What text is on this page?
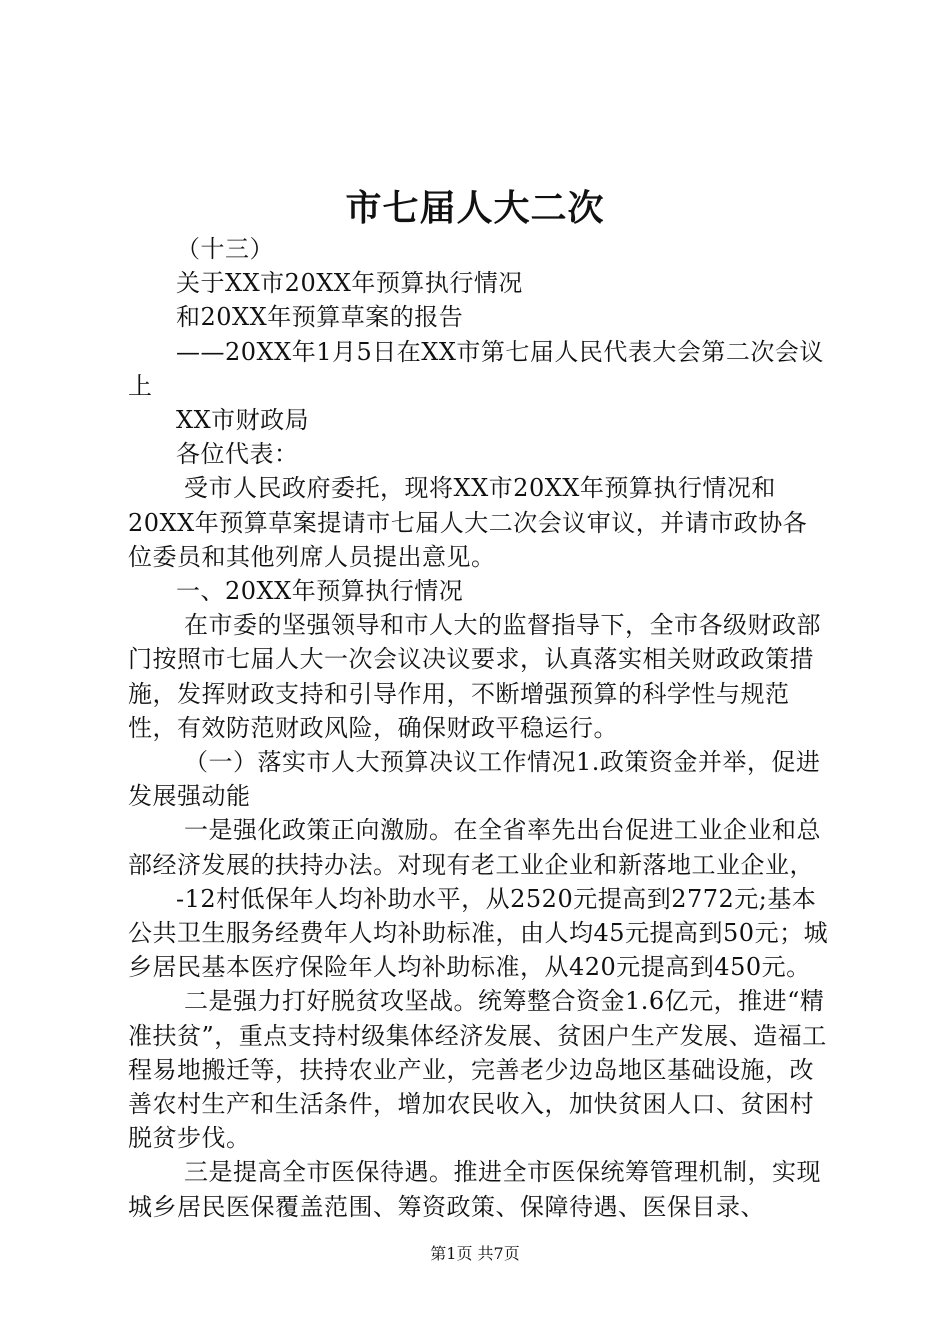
市七届人大二次

（十三）

关于XX市20XX年预算执行情况

和20XX年预算草案的报告

——20XX年1月5日在XX市第七届人民代表大会第二次会议上

XX市财政局

各位代表：

受市人民政府委托，现将XX市20XX年预算执行情况和20XX年预算草案提请市七届人大二次会议审议，并请市政协各位委员和其他列席人员提出意见。

一、20XX年预算执行情况

在市委的坚强领导和市人大的监督指导下，全市各级财政部门按照市七届人大一次会议决议要求，认真落实相关财政政策措施，发挥财政支持和引导作用，不断增强预算的科学性与规范性，有效防范财政风险，确保财政平稳运行。

（一）落实市人大预算决议工作情况1.政策资金并举，促进发展强动能

一是强化政策正向激励。在全省率先出台促进工业企业和总部经济发展的扶持办法。对现有老工业企业和新落地工业企业，

-12村低保年人均补助水平，从2520元提高到2772元;基本公共卫生服务经费年人均补助标准，由人均45元提高到50元；城乡居民基本医疗保险年人均补助标准，从420元提高到450元。

二是强力打好脱贫攻坚战。统筹整合资金1.6亿元，推进“精准扶贫”，重点支持村级集体经济发展、贫困户生产发展、造福工程易地搬迁等，扶持农业产业，完善老少边岛地区基础设施，改善农村生产和生活条件，增加农民收入，加快贫困人口、贫困村脱贫步伐。

三是提高全市医保待遇。推进全市医保统筹管理机制，实现城乡居民医保覆盖范围、筹资政策、保障待遇、医保目录、

第1页 共7页
